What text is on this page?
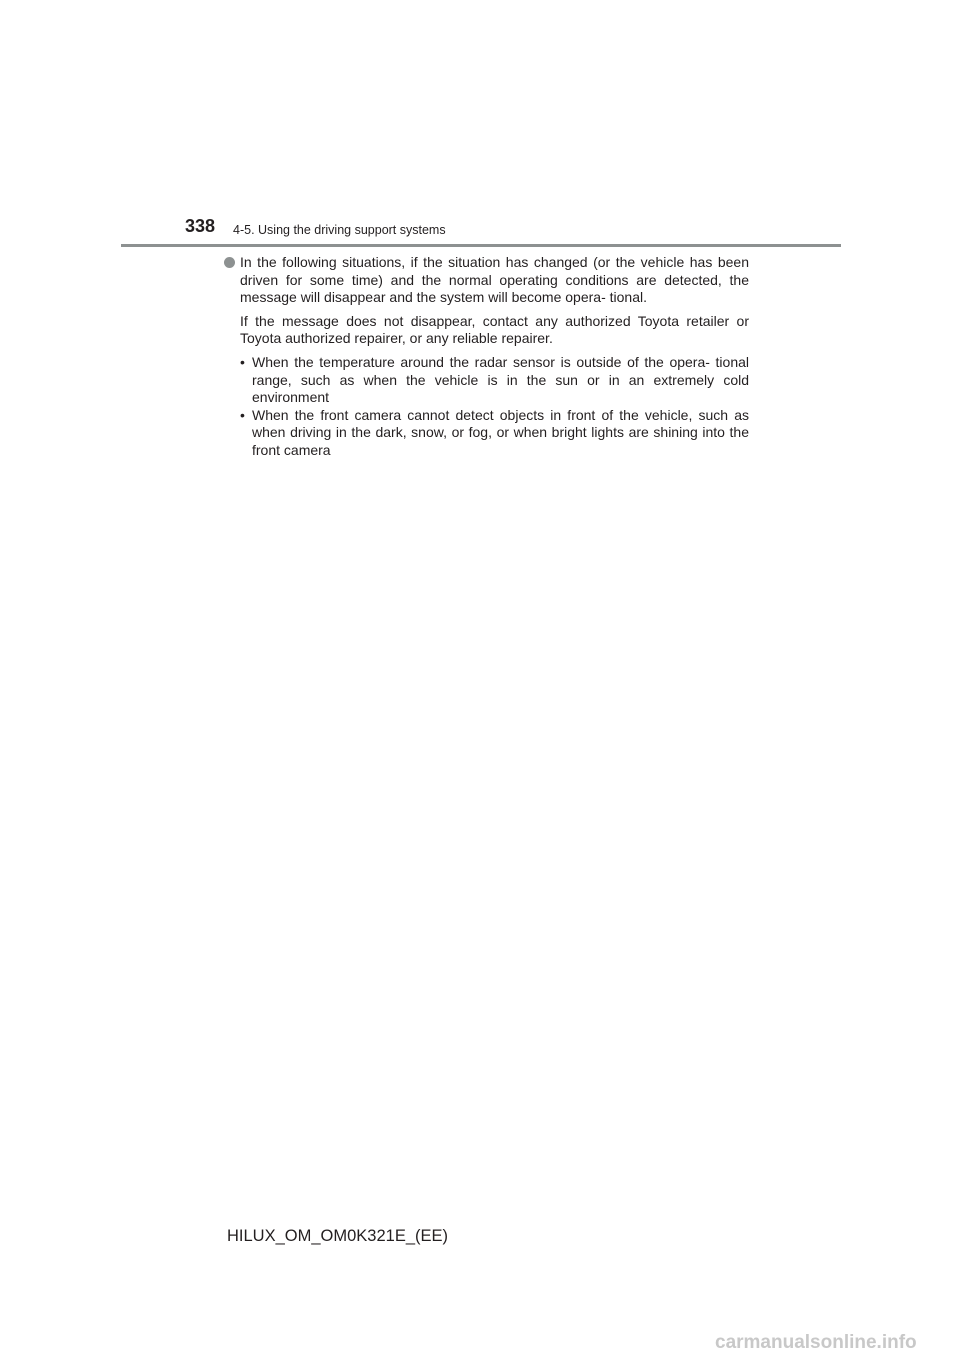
338 4-5. Using the driving support systems

In the following situations, if the situation has changed (or the vehicle has been driven for some time) and the normal operating conditions are detected, the message will disappear and the system will become opera- tional.

If the message does not disappear, contact any authorized Toyota retailer or Toyota authorized repairer, or any reliable repairer.

• When the temperature around the radar sensor is outside of the opera- tional range, such as when the vehicle is in the sun or in an extremely cold environment
• When the front camera cannot detect objects in front of the vehicle, such as when driving in the dark, snow, or fog, or when bright lights are shining into the front camera
HILUX_OM_OM0K321E_(EE)
carmanualsonline.info
